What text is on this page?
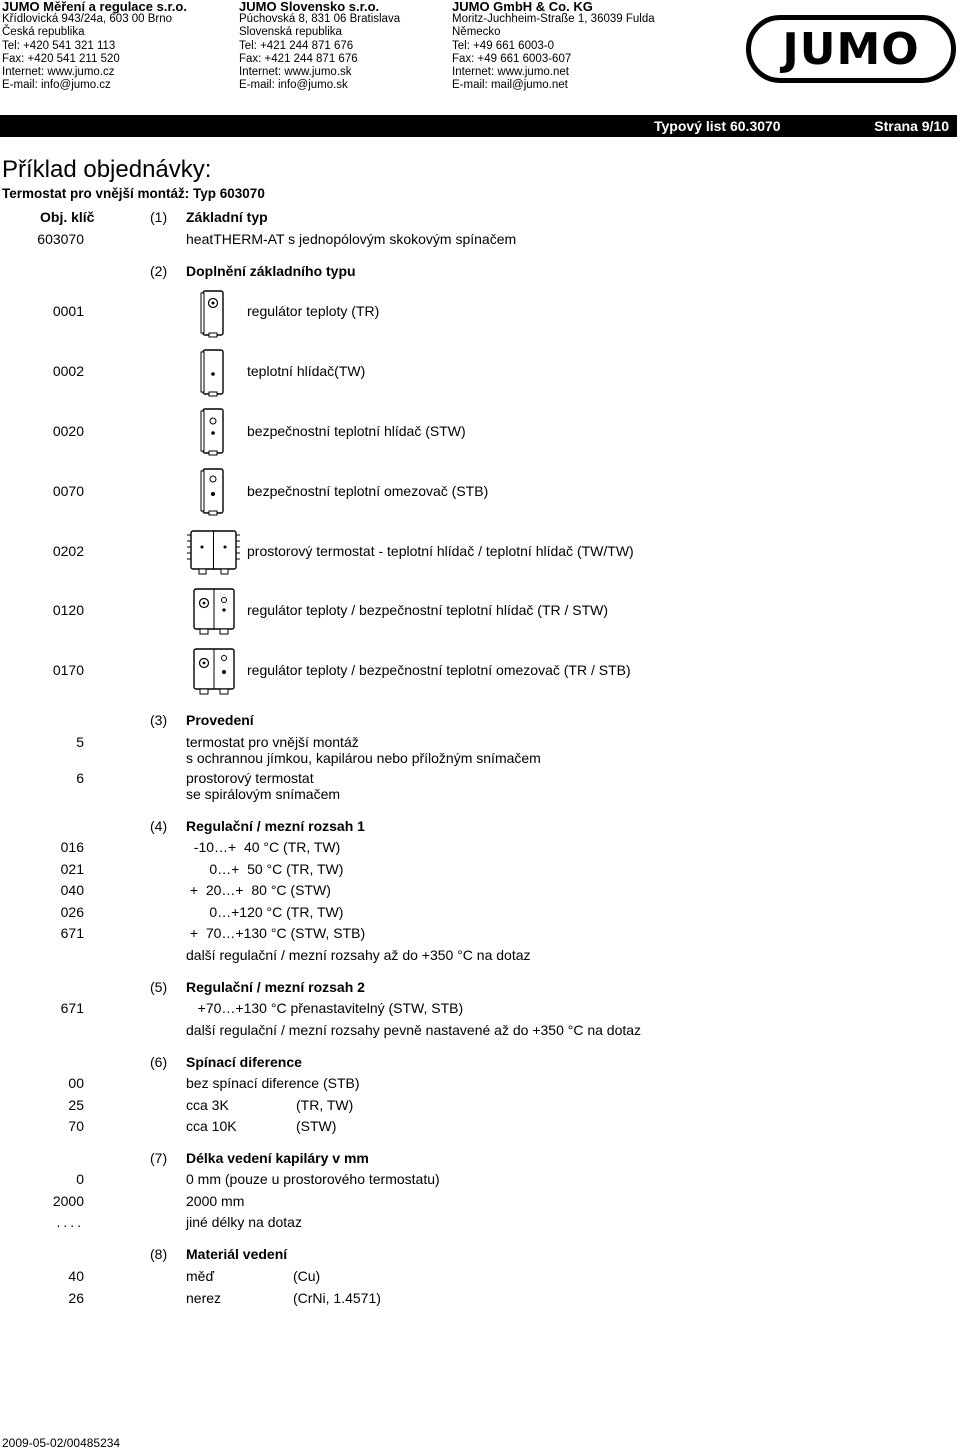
JUMO Měření a regulace s.r.o.
Křídlovická 943/24a, 603 00 Brno
Česká republika
Tel: +420 541 321 113
Fax: +420 541 211 520
Internet: www.jumo.cz
E-mail: info@jumo.cz
JUMO Slovensko s.r.o.
Púchovská 8, 831 06 Bratislava
Slovenská republika
Tel: +421 244 871 676
Fax: +421 244 871 676
Internet: www.jumo.sk
E-mail: info@jumo.sk
JUMO GmbH & Co. KG
Moritz-Juchheim-Straße 1, 36039 Fulda
Německo
Tel: +49 661 6003-0
Fax: +49 661 6003-607
Internet: www.jumo.net
E-mail: mail@jumo.net
JUMO
Typový list 60.3070	Strana 9/10
Příklad objednávky:
Termostat pro vnější montáž: Typ 603070
Obj. klíč	(1) Základní typ
603070	heatTHERM-AT s jednopólovým skokovým spínačem
(2) Doplnění základního typu
0001	regulátor teploty (TR)
0002	teplotní hlídač(TW)
0020	bezpečnostní teplotní hlídač (STW)
0070	bezpečnostní teplotní omezovač (STB)
0202	prostorový termostat - teplotní hlídač / teplotní hlídač (TW/TW)
0120	regulátor teploty / bezpečnostní teplotní hlídač (TR / STW)
0170	regulátor teploty / bezpečnostní teplotní omezovač (TR / STB)
(3) Provedení
5	termostat pro vnější montáž
s ochrannou jímkou, kapilárou nebo příložným snímačem
6	prostorový termostat
se spirálovým snímačem
(4) Regulační / mezní rozsah 1
016	-10…+  40 °C (TR, TW)
021	0…+  50 °C (TR, TW)
040	+  20…+  80 °C (STW)
026	0…+120 °C (TR, TW)
671	+  70…+130 °C (STW, STB)
další regulační / mezní rozsahy až do +350 °C na dotaz
(5) Regulační / mezní rozsah 2
671	+70…+130 °C přenastavitelný (STW, STB)
další regulační / mezní rozsahy pevně nastavené až do +350 °C na dotaz
(6) Spínací diference
00	bez spínací diference (STB)
25	cca 3K	(TR, TW)
70	cca 10K	(STW)
(7) Délka vedení kapiláry v mm
0	0 mm (pouze u prostorového termostatu)
2000	2000 mm
....	jiné délky na dotaz
(8) Materiál vedení
40	měď	(Cu)
26	nerez	(CrNi, 1.4571)
2009-05-02/00485234
